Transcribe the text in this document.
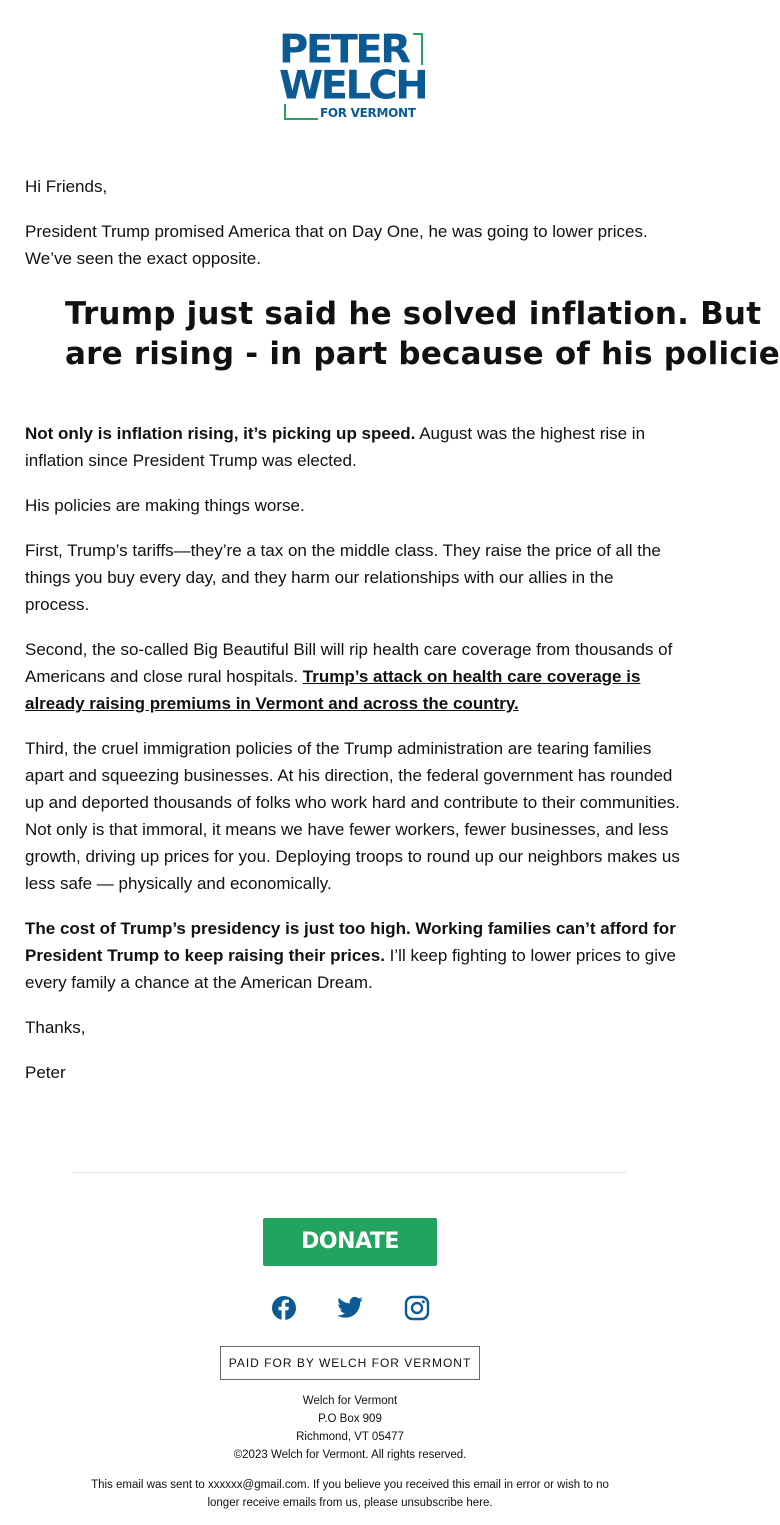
PETER
WELCH
FOR VERMONT

Hi Friends,

President Trump promised America that on Day One, he was going to lower prices. We’ve seen the exact opposite.

Trump just said he solved inflation. But
are rising - in part because of his policie

Not only is inflation rising, it’s picking up speed. August was the highest rise in inflation since President Trump was elected.

His policies are making things worse.

First, Trump’s tariffs—they’re a tax on the middle class. They raise the price of all the things you buy every day, and they harm our relationships with our allies in the process.

Second, the so-called Big Beautiful Bill will rip health care coverage from thousands of Americans and close rural hospitals. Trump’s attack on health care coverage is already raising premiums in Vermont and across the country.

Third, the cruel immigration policies of the Trump administration are tearing families apart and squeezing businesses. At his direction, the federal government has rounded up and deported thousands of folks who work hard and contribute to their communities. Not only is that immoral, it means we have fewer workers, fewer businesses, and less growth, driving up prices for you. Deploying troops to round up our neighbors makes us less safe — physically and economically.

The cost of Trump’s presidency is just too high. Working families can’t afford for President Trump to keep raising their prices. I’ll keep fighting to lower prices to give every family a chance at the American Dream.

Thanks,

Peter

DONATE
PAID FOR BY WELCH FOR VERMONT
Welch for Vermont
P.O Box 909
Richmond, VT 05477
©2023 Welch for Vermont. All rights reserved.
This email was sent to xxxxxx@gmail.com. If you believe you received this email in error or wish to no longer receive emails from us, please unsubscribe here.
